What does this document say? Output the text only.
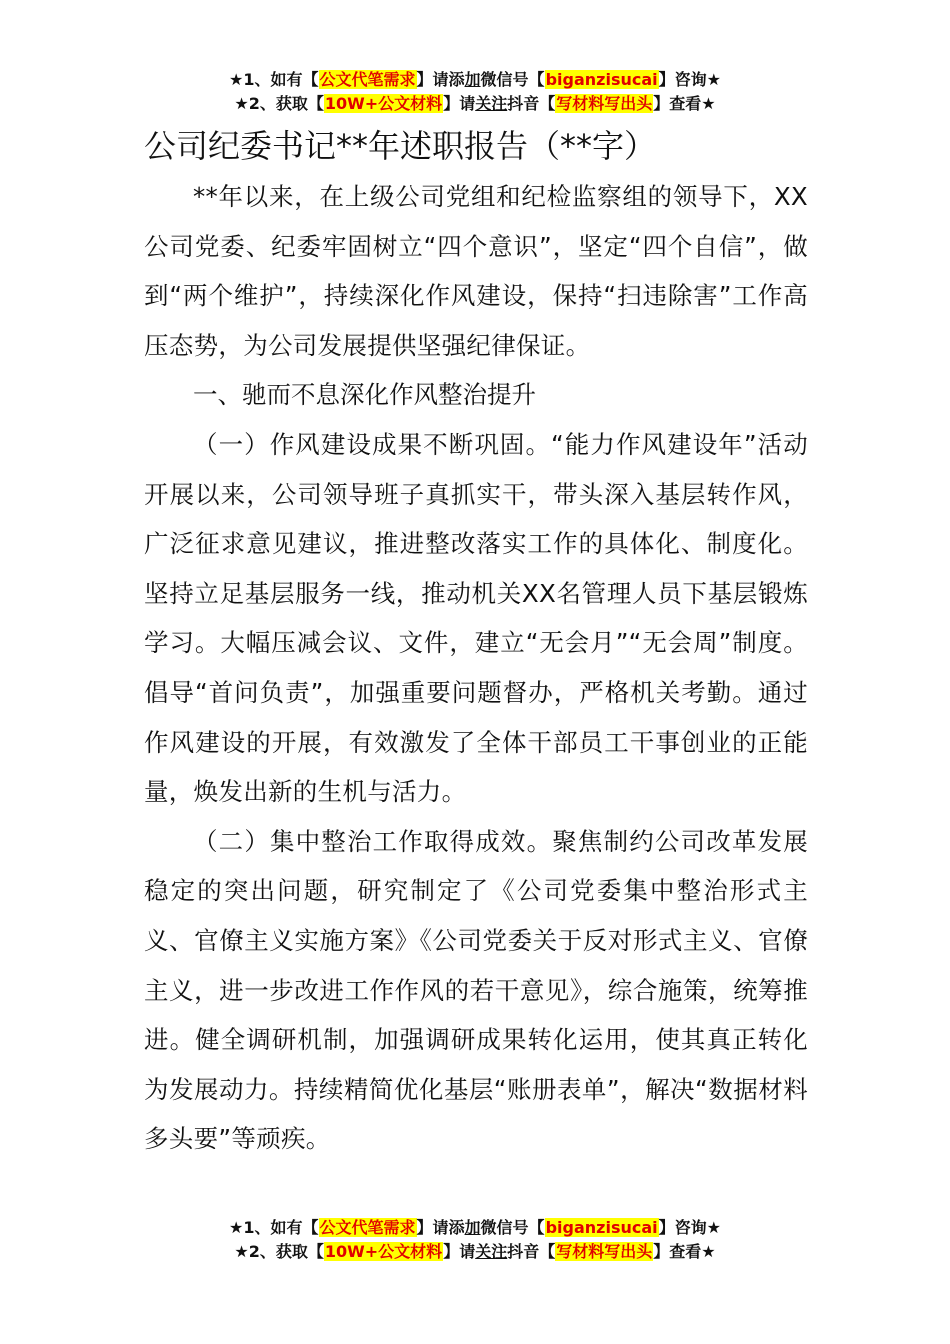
★1、如有【公文代笔需求】请添加微信号【biganzisucai】咨询★
★2、获取【10W+公文材料】请关注抖音【写材料写出头】查看★
公司纪委书记**年述职报告（**字）

**年以来，在上级公司党组和纪检监察组的领导下，XX公司党委、纪委牢固树立“四个意识”，坚定“四个自信”，做到“两个维护”，持续深化作风建设，保持“扫违除害”工作高压态势，为公司发展提供坚强纪律保证。

一、驰而不息深化作风整治提升

（一）作风建设成果不断巩固。“能力作风建设年”活动开展以来，公司领导班子真抓实干，带头深入基层转作风，广泛征求意见建议，推进整改落实工作的具体化、制度化。坚持立足基层服务一线，推动机关XX名管理人员下基层锻炼学习。大幅压减会议、文件，建立“无会月”“无会周”制度。倡导“首问负责”，加强重要问题督办，严格机关考勤。通过作风建设的开展，有效激发了全体干部员工干事创业的正能量，焕发出新的生机与活力。

（二）集中整治工作取得成效。聚焦制约公司改革发展稳定的突出问题，研究制定了《公司党委集中整治形式主义、官僚主义实施方案》《公司党委关于反对形式主义、官僚主义，进一步改进工作作风的若干意见》，综合施策，统筹推进。健全调研机制，加强调研成果转化运用，使其真正转化为发展动力。持续精简优化基层“账册表单”，解决“数据材料多头要”等顽疾。

★1、如有【公文代笔需求】请添加微信号【biganzisucai】咨询★
★2、获取【10W+公文材料】请关注抖音【写材料写出头】查看★
